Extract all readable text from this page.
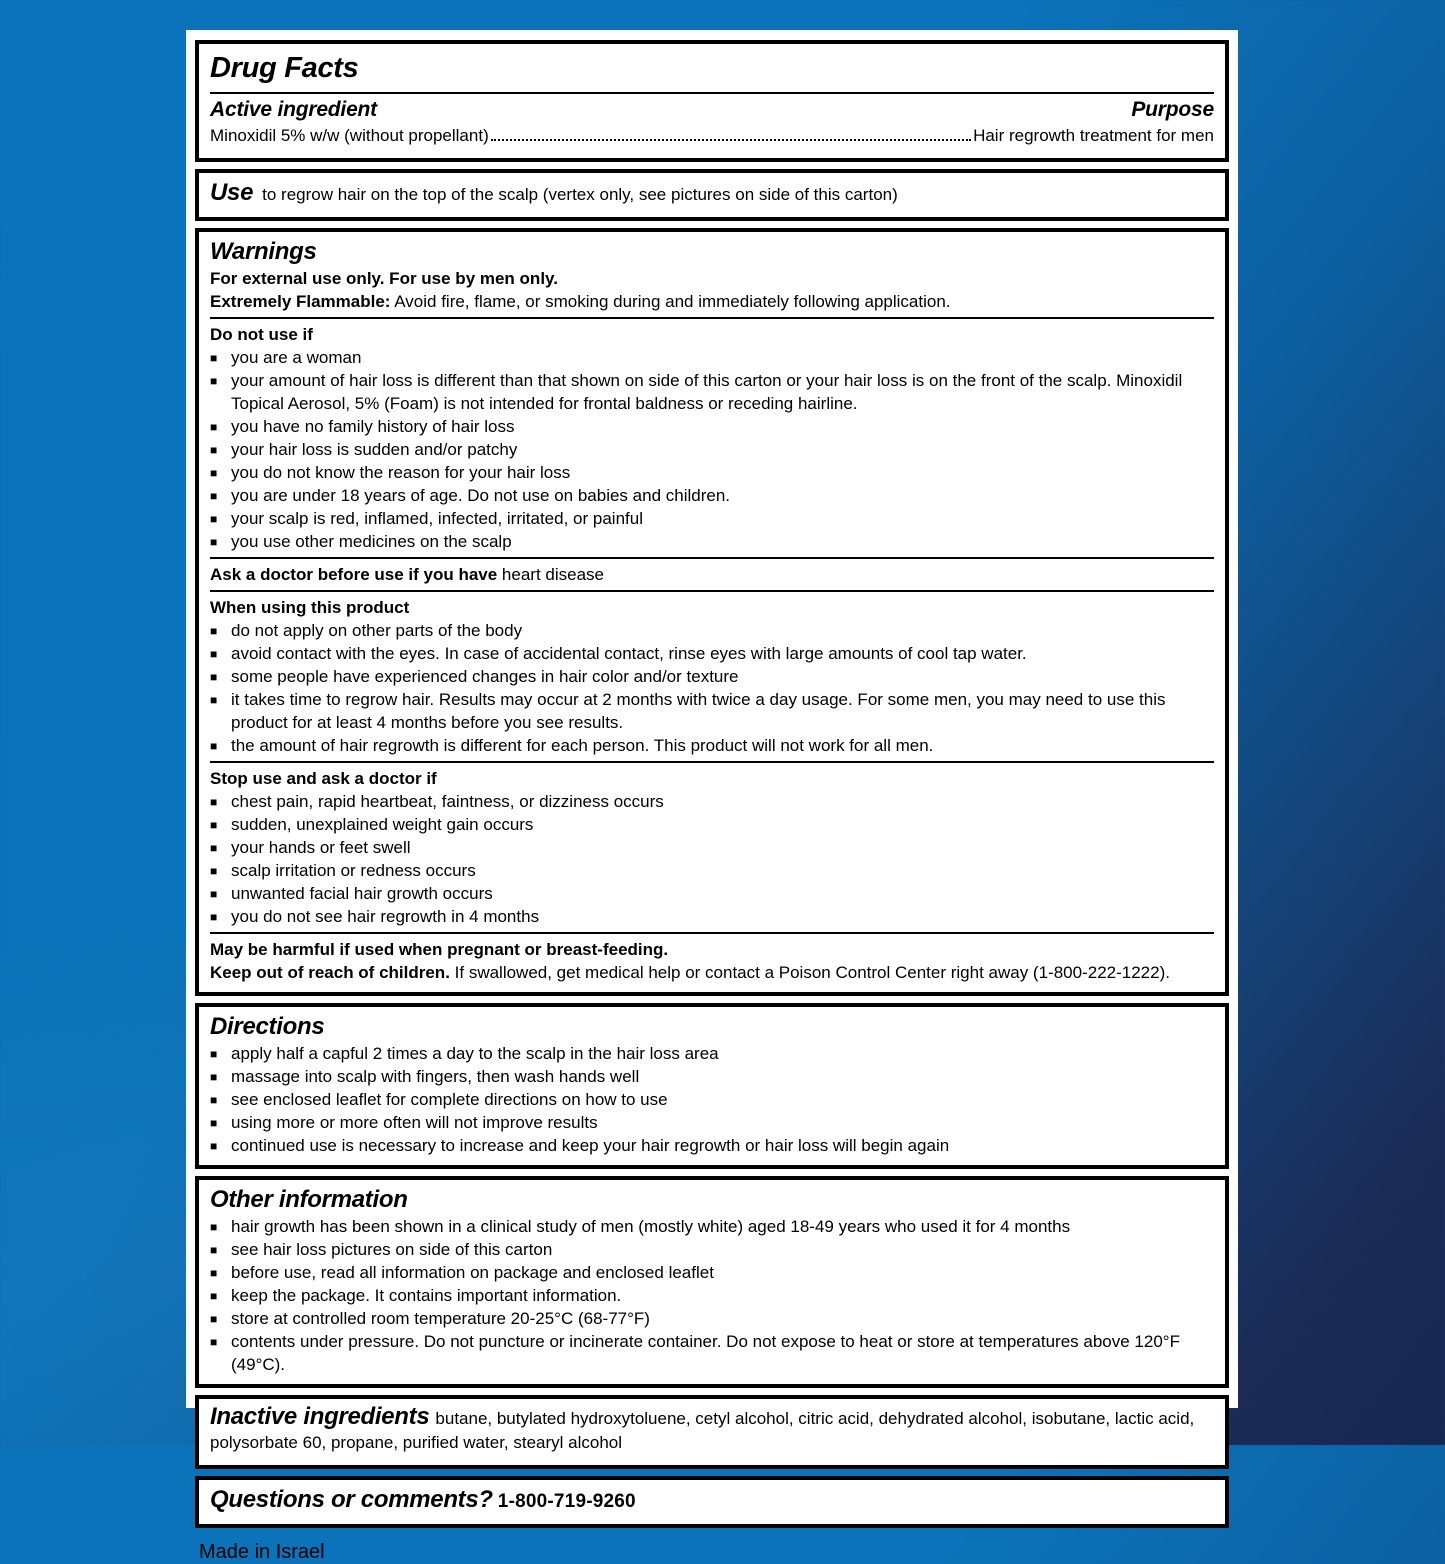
Drug Facts
Active ingredient	Purpose
Minoxidil 5% w/w (without propellant)	Hair regrowth treatment for men
Use to regrow hair on the top of the scalp (vertex only, see pictures on side of this carton)
Warnings
For external use only. For use by men only.
Extremely Flammable: Avoid fire, flame, or smoking during and immediately following application.
Do not use if
■ you are a woman
■ your amount of hair loss is different than that shown on side of this carton or your hair loss is on the front of the scalp. Minoxidil Topical Aerosol, 5% (Foam) is not intended for frontal baldness or receding hairline.
■ you have no family history of hair loss
■ your hair loss is sudden and/or patchy
■ you do not know the reason for your hair loss
■ you are under 18 years of age. Do not use on babies and children.
■ your scalp is red, inflamed, infected, irritated, or painful
■ you use other medicines on the scalp
Ask a doctor before use if you have heart disease
When using this product
■ do not apply on other parts of the body
■ avoid contact with the eyes. In case of accidental contact, rinse eyes with large amounts of cool tap water.
■ some people have experienced changes in hair color and/or texture
■ it takes time to regrow hair. Results may occur at 2 months with twice a day usage. For some men, you may need to use this product for at least 4 months before you see results.
■ the amount of hair regrowth is different for each person. This product will not work for all men.
Stop use and ask a doctor if
■ chest pain, rapid heartbeat, faintness, or dizziness occurs
■ sudden, unexplained weight gain occurs
■ your hands or feet swell
■ scalp irritation or redness occurs
■ unwanted facial hair growth occurs
■ you do not see hair regrowth in 4 months
May be harmful if used when pregnant or breast-feeding.
Keep out of reach of children. If swallowed, get medical help or contact a Poison Control Center right away (1-800-222-1222).
Directions
■ apply half a capful 2 times a day to the scalp in the hair loss area
■ massage into scalp with fingers, then wash hands well
■ see enclosed leaflet for complete directions on how to use
■ using more or more often will not improve results
■ continued use is necessary to increase and keep your hair regrowth or hair loss will begin again
Other information
■ hair growth has been shown in a clinical study of men (mostly white) aged 18-49 years who used it for 4 months
■ see hair loss pictures on side of this carton
■ before use, read all information on package and enclosed leaflet
■ keep the package. It contains important information.
■ store at controlled room temperature 20-25°C (68-77°F)
■ contents under pressure. Do not puncture or incinerate container. Do not expose to heat or store at temperatures above 120°F (49°C).

Inactive ingredients butane, butylated hydroxytoluene, cetyl alcohol, citric acid, dehydrated alcohol, isobutane, lactic acid, polysorbate 60, propane, purified water, stearyl alcohol

Questions or comments? 1-800-719-9260
Made in Israel
